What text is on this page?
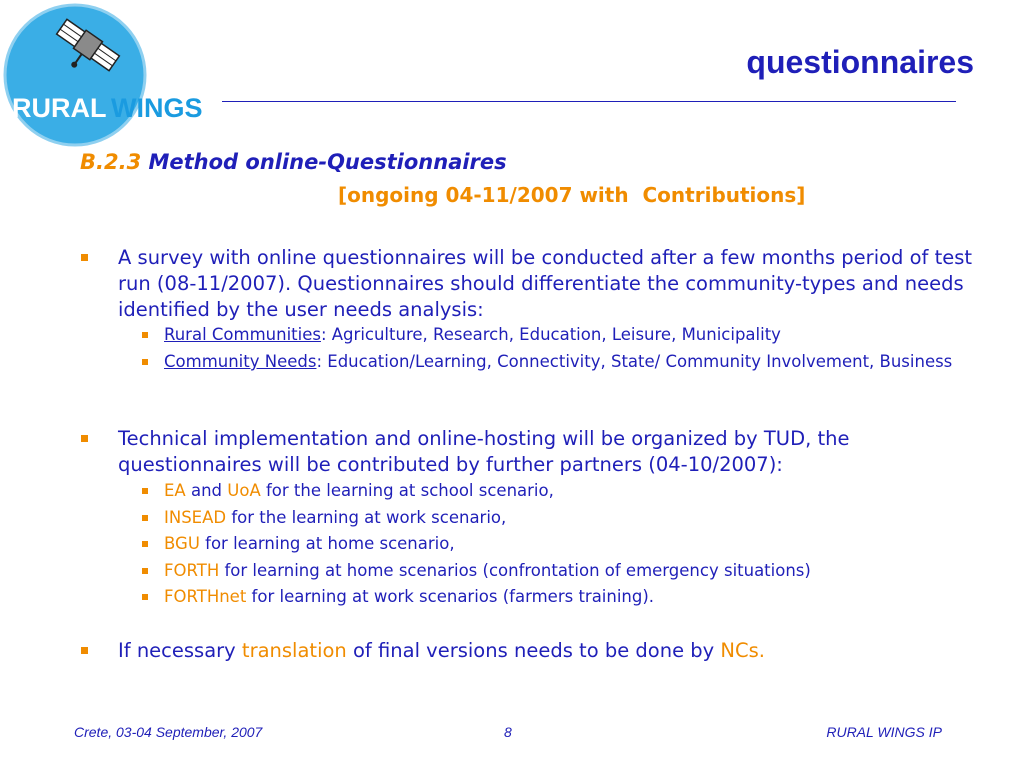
RURAL WINGS
questionnaires
B.2.3 Method online-Questionnaires
[ongoing 04-11/2007 with  Contributions]
A survey with online questionnaires will be conducted after a few months period of test run (08-11/2007). Questionnaires should differentiate the community-types and needs identified by the user needs analysis:
Rural Communities: Agriculture, Research, Education, Leisure, Municipality
Community Needs: Education/Learning, Connectivity, State/ Community Involvement, Business
Technical implementation and online-hosting will be organized by TUD, the questionnaires will be contributed by further partners (04-10/2007):
EA and UoA for the learning at school scenario,
INSEAD for the learning at work scenario,
BGU for learning at home scenario,
FORTH for learning at home scenarios (confrontation of emergency situations)
FORTHnet for learning at work scenarios (farmers training).
If necessary translation of final versions needs to be done by NCs.
Crete, 03-04 September, 2007	8	RURAL WINGS IP
